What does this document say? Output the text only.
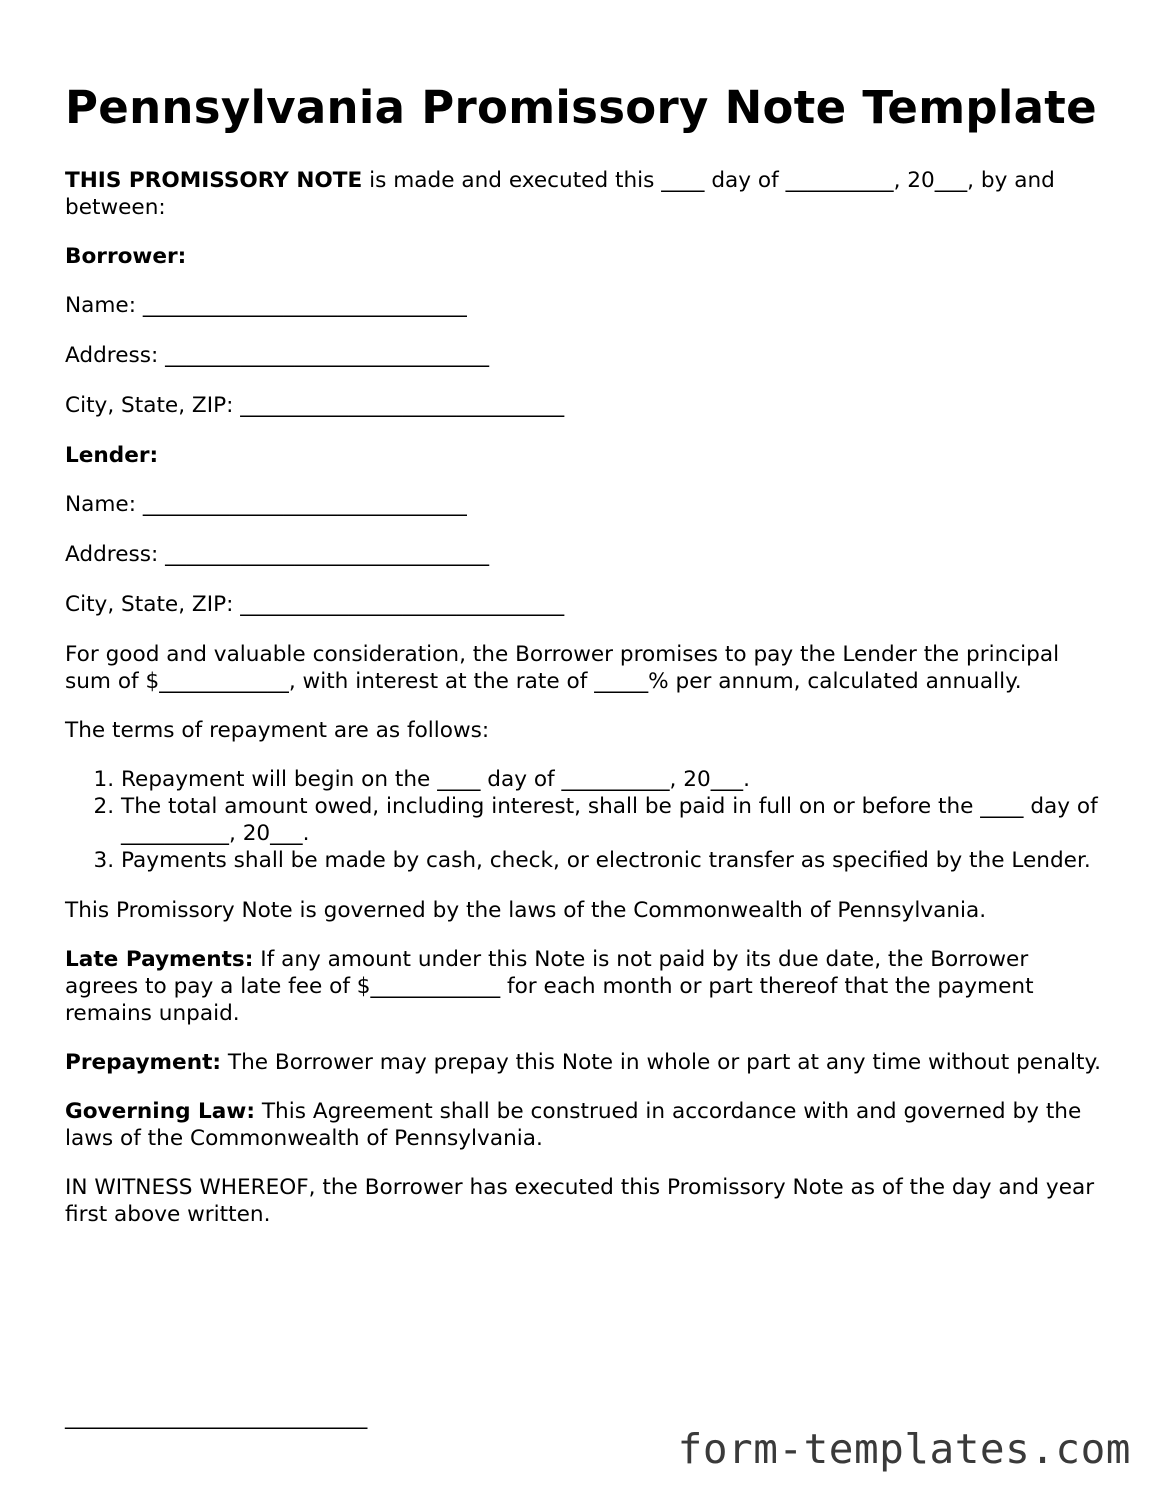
Pennsylvania Promissory Note Template

THIS PROMISSORY NOTE is made and executed this ____ day of __________, 20___, by and between:

Borrower:

Name: ______________________________

Address: ______________________________

City, State, ZIP: ______________________________

Lender:

Name: ______________________________

Address: ______________________________

City, State, ZIP: ______________________________

For good and valuable consideration, the Borrower promises to pay the Lender the principal sum of $____________, with interest at the rate of _____% per annum, calculated annually.

The terms of repayment are as follows:

1. Repayment will begin on the ____ day of __________, 20___.
2. The total amount owed, including interest, shall be paid in full on or before the ____ day of __________, 20___.
3. Payments shall be made by cash, check, or electronic transfer as specified by the Lender.

This Promissory Note is governed by the laws of the Commonwealth of Pennsylvania.

Late Payments: If any amount under this Note is not paid by its due date, the Borrower agrees to pay a late fee of $____________ for each month or part thereof that the payment remains unpaid.

Prepayment: The Borrower may prepay this Note in whole or part at any time without penalty.

Governing Law: This Agreement shall be construed in accordance with and governed by the laws of the Commonwealth of Pennsylvania.

IN WITNESS WHEREOF, the Borrower has executed this Promissory Note as of the day and year first above written.

____________________________
form-templates.com
